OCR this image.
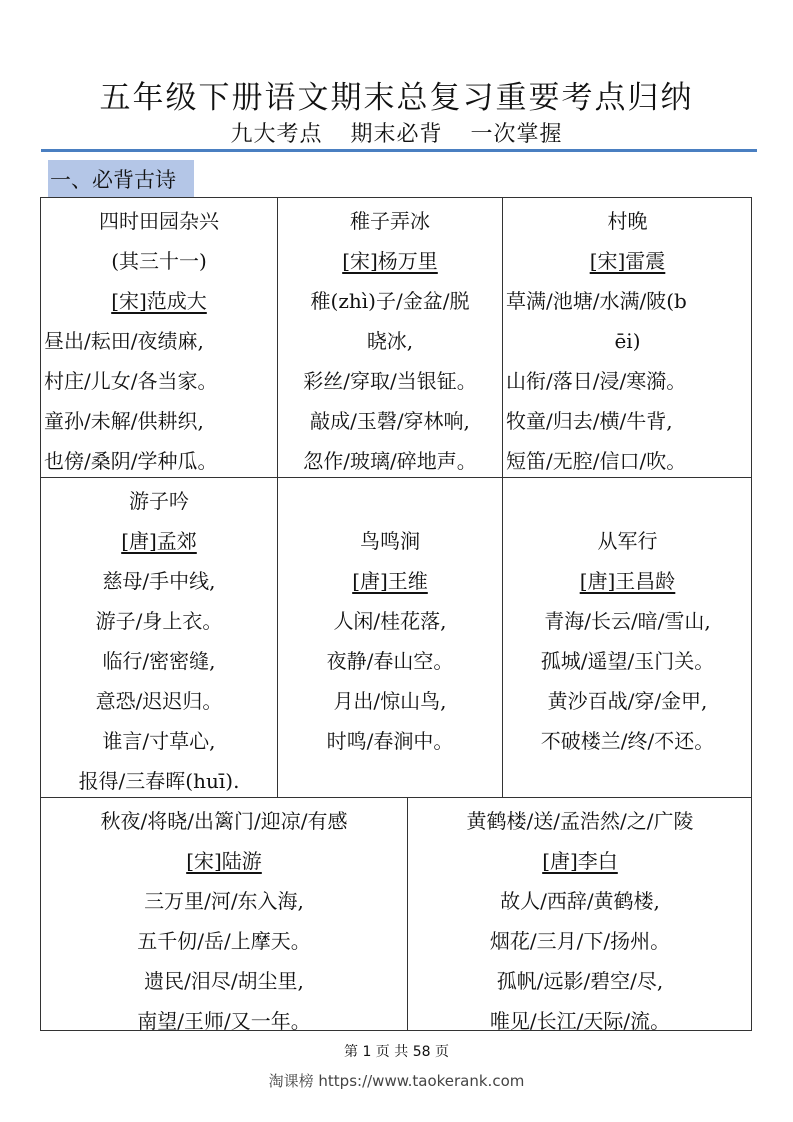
五年级下册语文期末总复习重要考点归纳
九大考点 期末必背 一次掌握
一、必背古诗
四时田园杂兴
(其三十一)
[宋]范成大
昼出/耘田/夜绩麻,
村庄/儿女/各当家。
童孙/未解/供耕织,
也傍/桑阴/学种瓜。
稚子弄冰
[宋]杨万里
稚(zhì)子/金盆/脱
晓冰,
彩丝/穿取/当银钲。
敲成/玉磬/穿林响,
忽作/玻璃/碎地声。
村晚
[宋]雷震
草满/池塘/水满/陂(b
ēi)
山衔/落日/浸/寒漪。
牧童/归去/横/牛背,
短笛/无腔/信口/吹。
游子吟
[唐]孟郊
慈母/手中线,
游子/身上衣。
临行/密密缝,
意恐/迟迟归。
谁言/寸草心,
报得/三春晖(huī).
鸟鸣涧
[唐]王维
人闲/桂花落,
夜静/春山空。
月出/惊山鸟,
时鸣/春涧中。
从军行
[唐]王昌龄
青海/长云/暗/雪山,
孤城/遥望/玉门关。
黄沙百战/穿/金甲,
不破楼兰/终/不还。
秋夜/将晓/出篱门/迎凉/有感
[宋]陆游
三万里/河/东入海,
五千仞/岳/上摩天。
遗民/泪尽/胡尘里,
南望/王师/又一年。
黄鹤楼/送/孟浩然/之/广陵
[唐]李白
故人/西辞/黄鹤楼,
烟花/三月/下/扬州。
孤帆/远影/碧空/尽,
唯见/长江/天际/流。
第 1 页 共 58 页
淘课榜 https://www.taokerank.com
